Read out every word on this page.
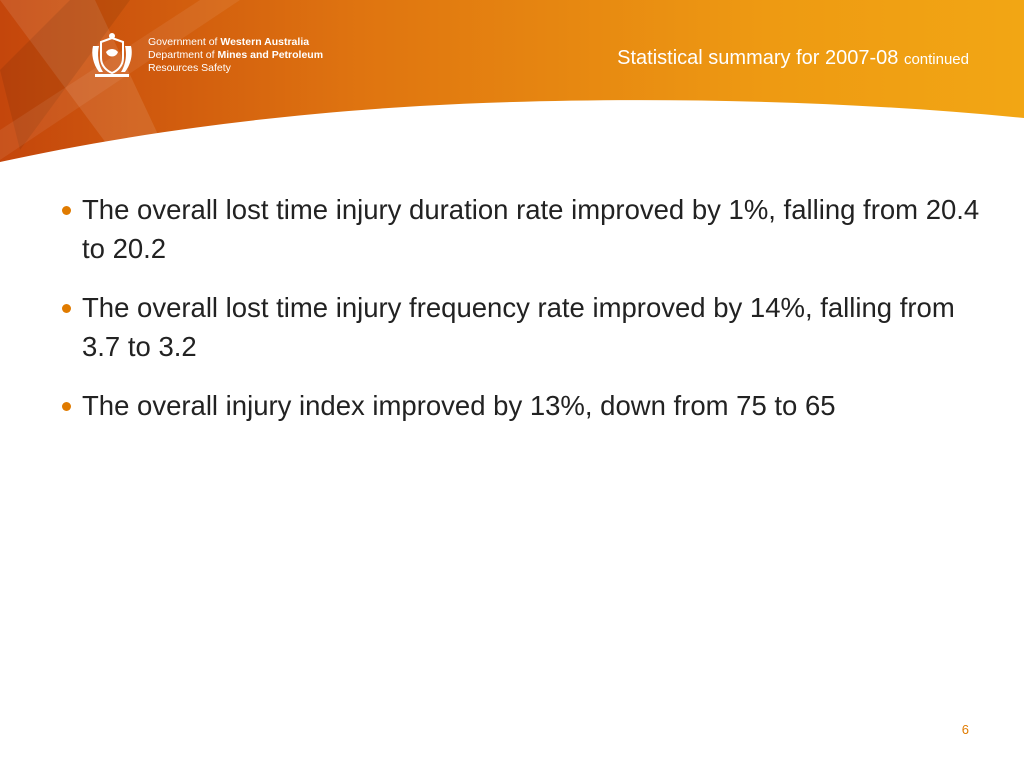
Government of Western Australia
Department of Mines and Petroleum
Resources Safety	Statistical summary for 2007-08 continued
The overall lost time injury duration rate improved by 1%, falling from 20.4 to 20.2
The overall lost time injury frequency rate improved by 14%, falling from 3.7 to 3.2
The overall injury index improved by 13%, down from 75 to 65
6
